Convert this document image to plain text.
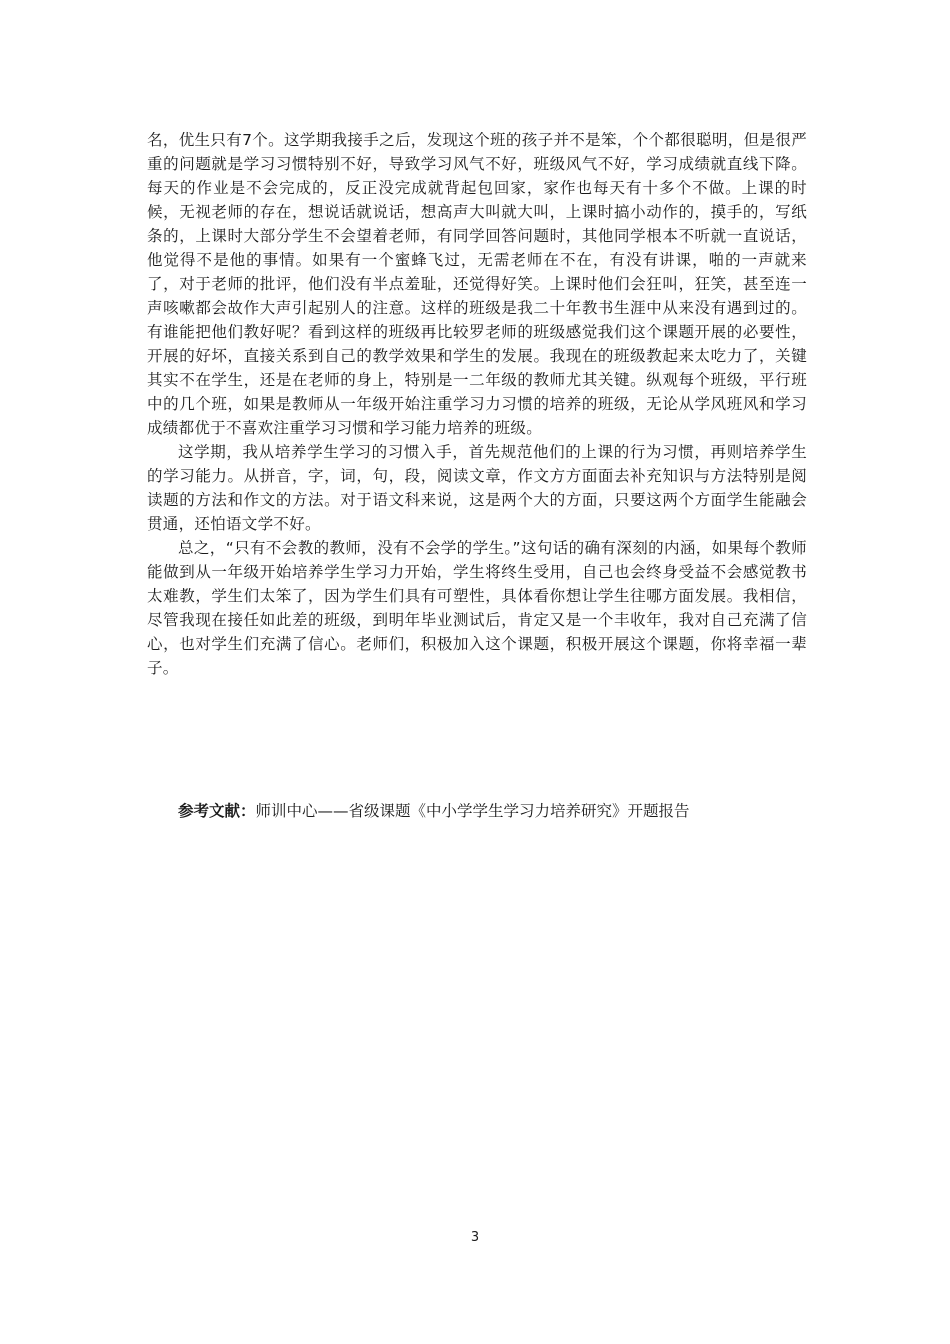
名，优生只有7个。这学期我接手之后，发现这个班的孩子并不是笨，个个都很聪明，但是很严重的问题就是学习习惯特别不好，导致学习风气不好，班级风气不好，学习成绩就直线下降。每天的作业是不会完成的，反正没完成就背起包回家，家作也每天有十多个不做。上课的时候，无视老师的存在，想说话就说话，想高声大叫就大叫，上课时搞小动作的，摸手的，写纸条的，上课时大部分学生不会望着老师，有同学回答问题时，其他同学根本不听就一直说话，他觉得不是他的事情。如果有一个蜜蜂飞过，无需老师在不在，有没有讲课，啪的一声就来了，对于老师的批评，他们没有半点羞耻，还觉得好笑。上课时他们会狂叫，狂笑，甚至连一声咳嗽都会故作大声引起别人的注意。这样的班级是我二十年教书生涯中从来没有遇到过的。有谁能把他们教好呢？看到这样的班级再比较罗老师的班级感觉我们这个课题开展的必要性，开展的好坏，直接关系到自己的教学效果和学生的发展。我现在的班级教起来太吃力了，关键其实不在学生，还是在老师的身上，特别是一二年级的教师尤其关键。纵观每个班级，平行班中的几个班，如果是教师从一年级开始注重学习力习惯的培养的班级，无论从学风班风和学习成绩都优于不喜欢注重学习习惯和学习能力培养的班级。

这学期，我从培养学生学习的习惯入手，首先规范他们的上课的行为习惯，再则培养学生的学习能力。从拼音，字，词，句，段，阅读文章，作文方方面面去补充知识与方法特别是阅读题的方法和作文的方法。对于语文科来说，这是两个大的方面，只要这两个方面学生能融会贯通，还怕语文学不好。

总之，“只有不会教的教师，没有不会学的学生。”这句话的确有深刻的内涵，如果每个教师能做到从一年级开始培养学生学习力开始，学生将终生受用，自己也会终身受益不会感觉教书太难教，学生们太笨了，因为学生们具有可塑性，具体看你想让学生往哪方面发展。我相信，尽管我现在接任如此差的班级，到明年毕业测试后，肯定又是一个丰收年，我对自己充满了信心，也对学生们充满了信心。老师们，积极加入这个课题，积极开展这个课题，你将幸福一辈子。

参考文献：师训中心——省级课题《中小学学生学习力培养研究》开题报告
3
